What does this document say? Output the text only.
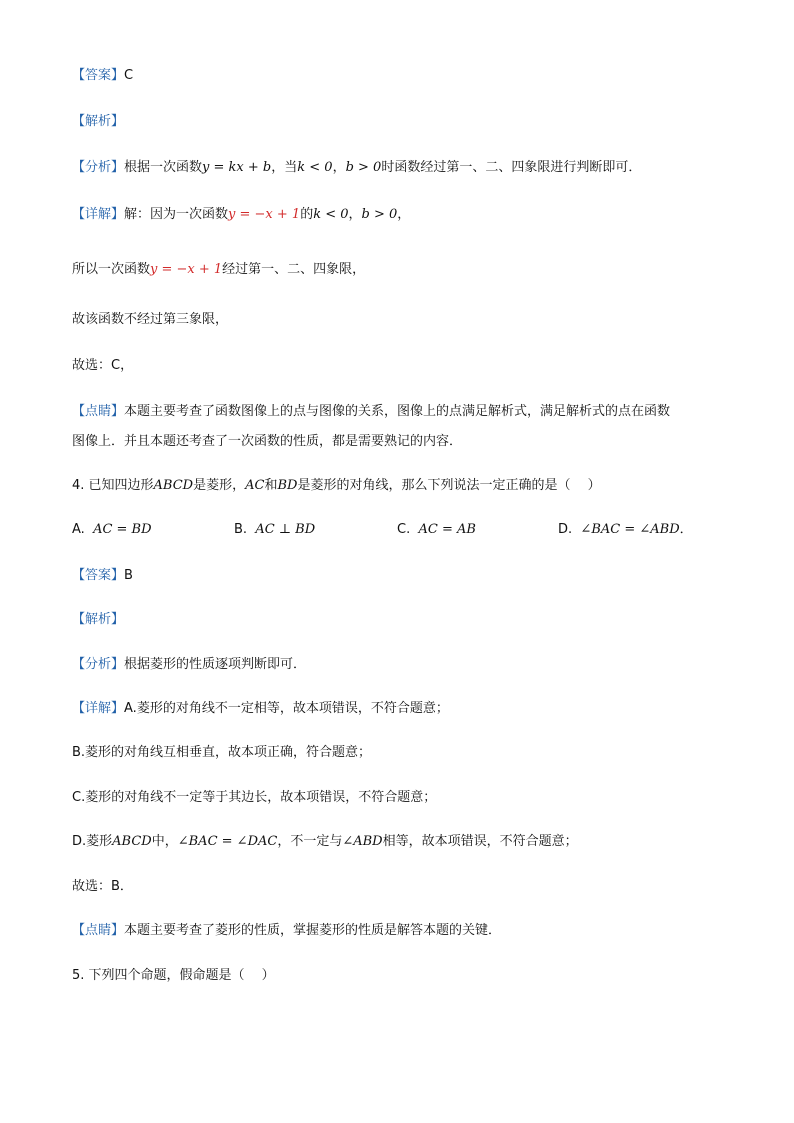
【答案】C
【解析】
【分析】根据一次函数y = kx + b，当k < 0，b > 0时函数经过第一、二、四象限进行判断即可．
【详解】解：因为一次函数y = −x + 1的k < 0，b > 0，
所以一次函数y = −x + 1经过第一、二、四象限，
故该函数不经过第三象限，
故选：C，
【点睛】本题主要考查了函数图像上的点与图像的关系，图像上的点满足解析式，满足解析式的点在函数
图像上．并且本题还考查了一次函数的性质，都是需要熟记的内容．
4. 已知四边形ABCD是菱形，AC和BD是菱形的对角线，那么下列说法一定正确的是（　 ）
A. AC = BD	B. AC ⊥ BD	C. AC = AB	D. ∠BAC = ∠ABD．
【答案】B
【解析】
【分析】根据菱形的性质逐项判断即可．
【详解】A.菱形的对角线不一定相等，故本项错误，不符合题意；
B.菱形的对角线互相垂直，故本项正确，符合题意；
C.菱形的对角线不一定等于其边长，故本项错误，不符合题意；
D.菱形ABCD中，∠BAC = ∠DAC，不一定与∠ABD相等，故本项错误，不符合题意；
故选：B．
【点睛】本题主要考查了菱形的性质，掌握菱形的性质是解答本题的关键．
5. 下列四个命题，假命题是（　 ）
